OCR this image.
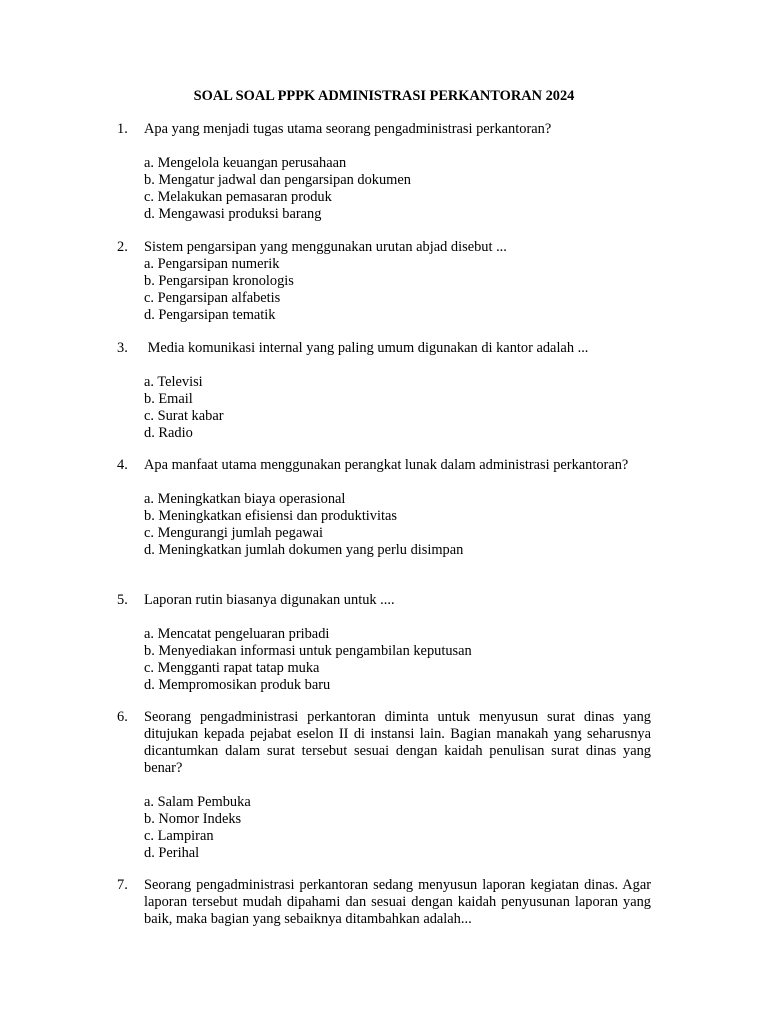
SOAL SOAL PPPK ADMINISTRASI PERKANTORAN 2024
1. Apa yang menjadi tugas utama seorang pengadministrasi perkantoran?
a. Mengelola keuangan perusahaan
b. Mengatur jadwal dan pengarsipan dokumen
c. Melakukan pemasaran produk
d. Mengawasi produksi barang
2. Sistem pengarsipan yang menggunakan urutan abjad disebut ...
a. Pengarsipan numerik
b. Pengarsipan kronologis
c. Pengarsipan alfabetis
d. Pengarsipan tematik
3. Media komunikasi internal yang paling umum digunakan di kantor adalah ...
a. Televisi
b. Email
c. Surat kabar
d. Radio
4. Apa manfaat utama menggunakan perangkat lunak dalam administrasi perkantoran?
a. Meningkatkan biaya operasional
b. Meningkatkan efisiensi dan produktivitas
c. Mengurangi jumlah pegawai
d. Meningkatkan jumlah dokumen yang perlu disimpan
5. Laporan rutin biasanya digunakan untuk ....
a. Mencatat pengeluaran pribadi
b. Menyediakan informasi untuk pengambilan keputusan
c. Mengganti rapat tatap muka
d. Mempromosikan produk baru
6. Seorang pengadministrasi perkantoran diminta untuk menyusun surat dinas yang ditujukan kepada pejabat eselon II di instansi lain. Bagian manakah yang seharusnya dicantumkan dalam surat tersebut sesuai dengan kaidah penulisan surat dinas yang benar?
a. Salam Pembuka
b. Nomor Indeks
c. Lampiran
d. Perihal
7. Seorang pengadministrasi perkantoran sedang menyusun laporan kegiatan dinas. Agar laporan tersebut mudah dipahami dan sesuai dengan kaidah penyusunan laporan yang baik, maka bagian yang sebaiknya ditambahkan adalah...
